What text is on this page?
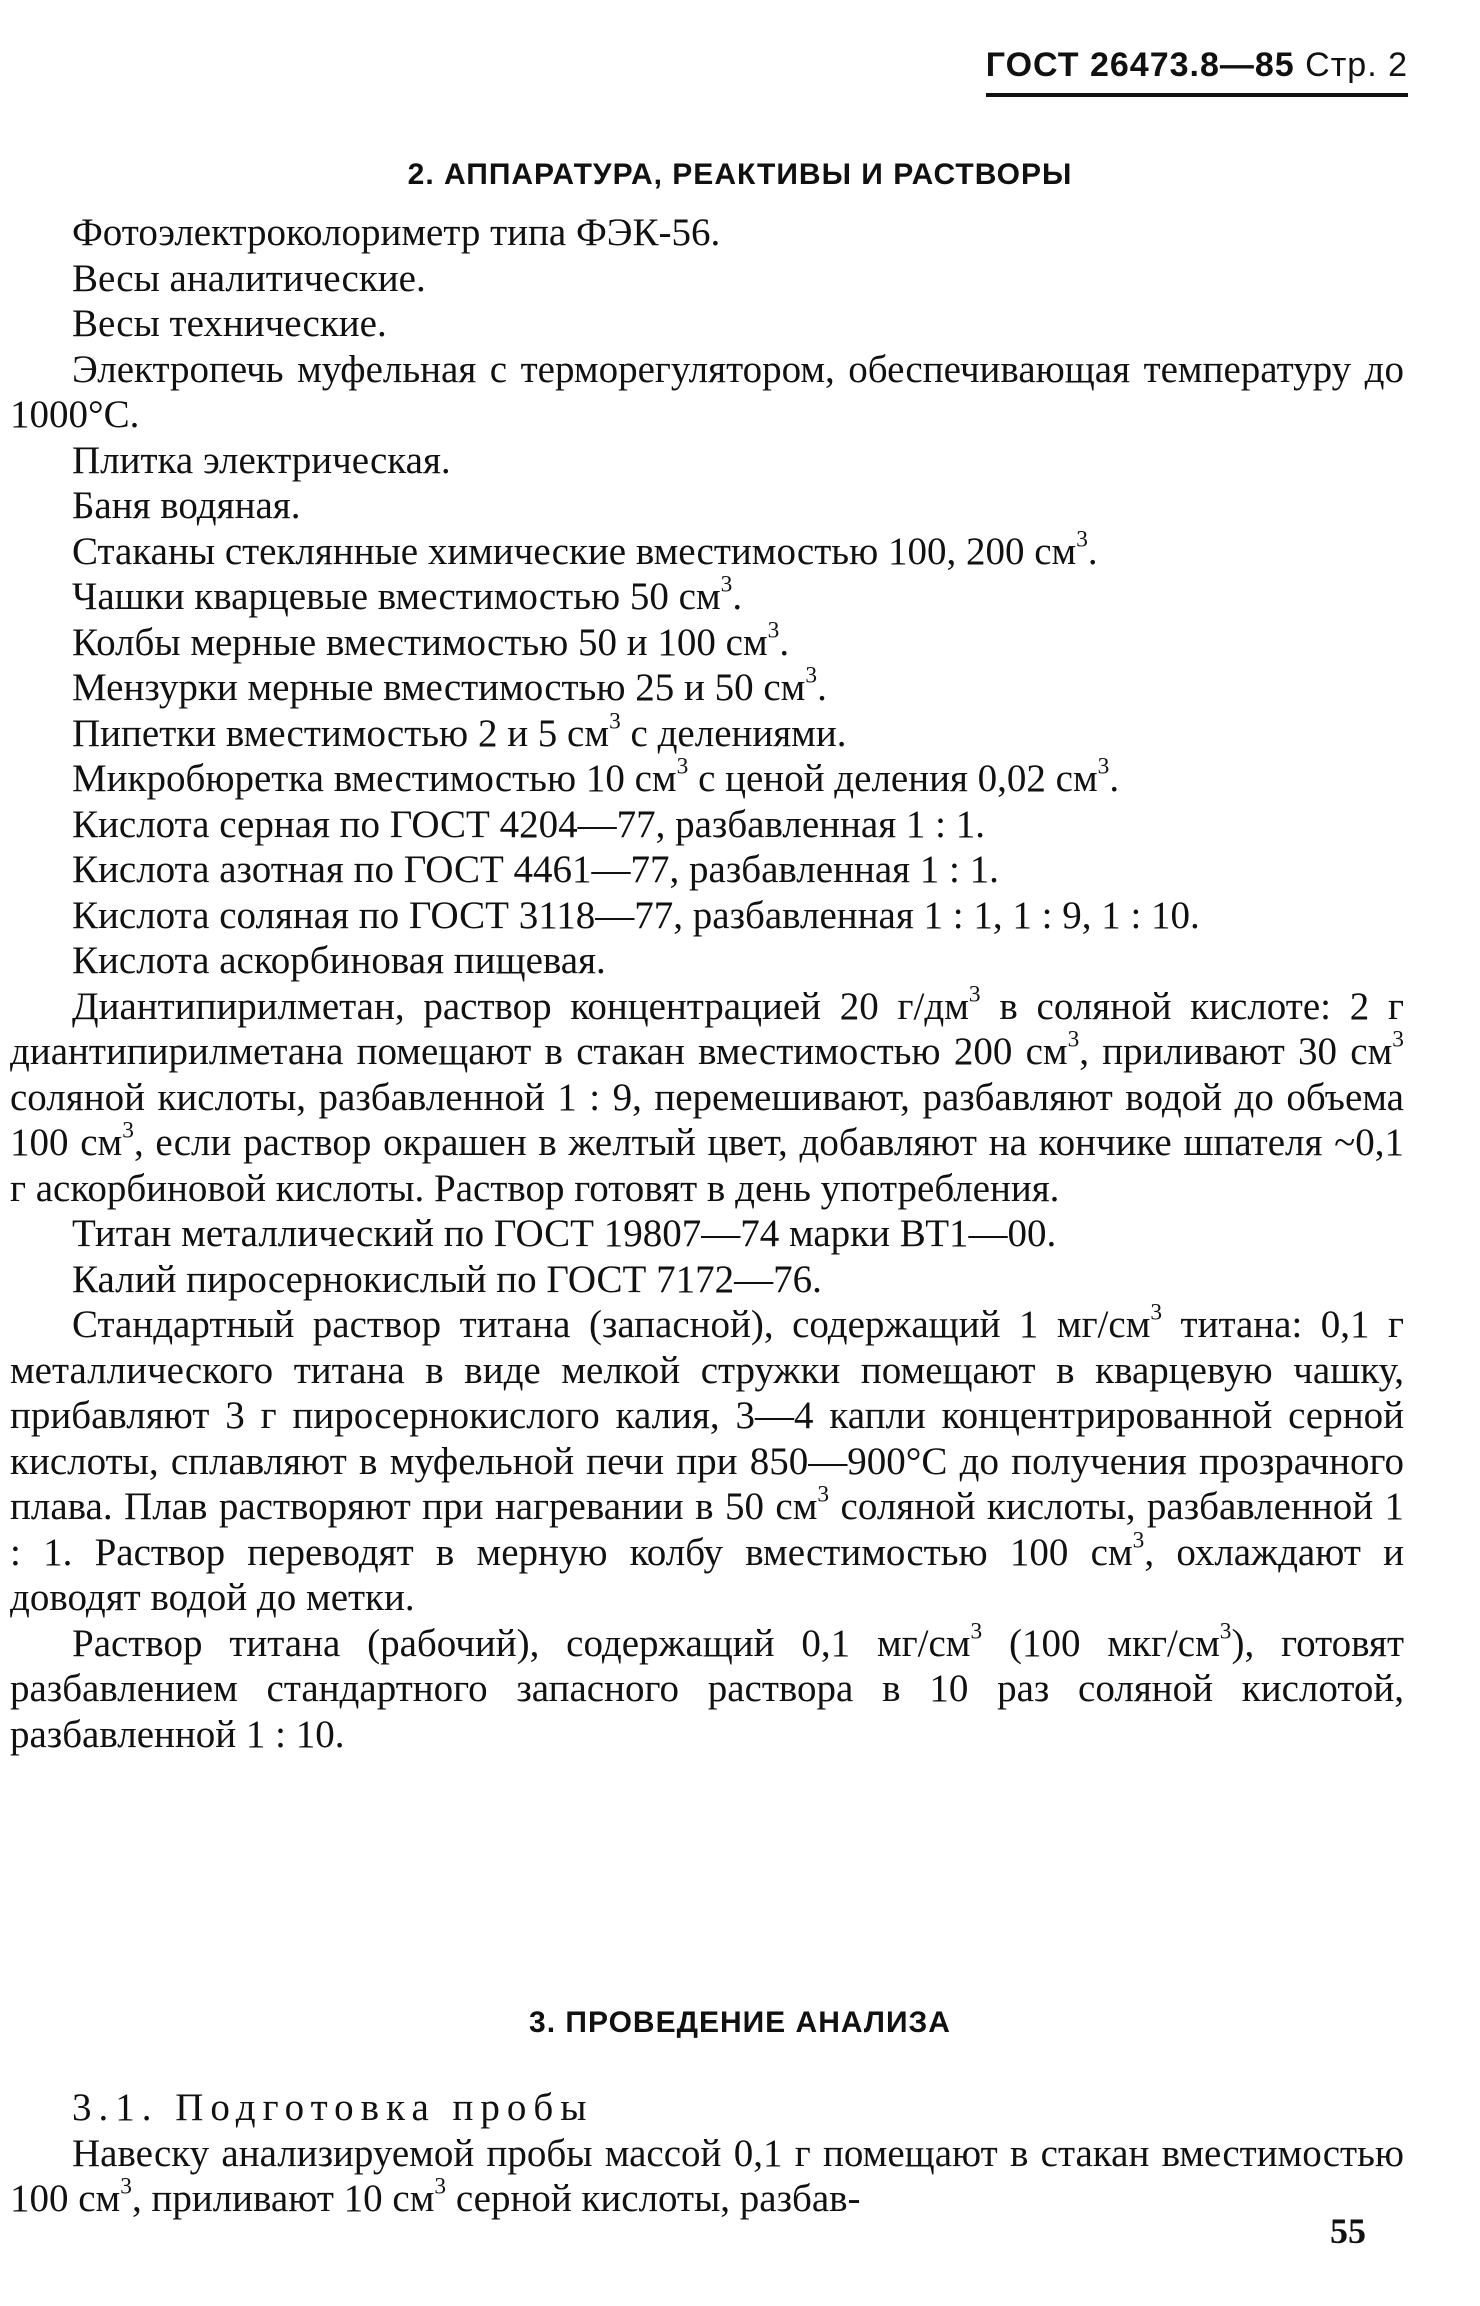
ГОСТ 26473.8—85 Стр. 2
2. АППАРАТУРА, РЕАКТИВЫ И РАСТВОРЫ

Фотоэлектроколориметр типа ФЭК-56.

Весы аналитические.

Весы технические.

Электропечь муфельная с терморегулятором, обеспечивающая температуру до 1000°С.

Плитка электрическая.

Баня водяная.

Стаканы стеклянные химические вместимостью 100, 200 $см^3$.

Чашки кварцевые вместимостью 50 $см^3$.

Колбы мерные вместимостью 50 и 100 $см^3$.

Мензурки мерные вместимостью 25 и 50 $см^3$.

Пипетки вместимостью 2 и 5 $см^3$ с делениями.

Микробюретка вместимостью 10 $см^3$ с ценой деления 0,02 $см^3$.

Кислота серная по ГОСТ 4204—77, разбавленная 1 : 1.

Кислота азотная по ГОСТ 4461—77, разбавленная 1 : 1.

Кислота соляная по ГОСТ 3118—77, разбавленная 1 : 1, 1 : 9, 1 : 10.

Кислота аскорбиновая пищевая.

Диантипирилметан, раствор концентрацией 20 $г/дм^3$ в соляной кислоте: 2 г диантипирилметана помещают в стакан вместимостью 200 $см^3$, приливают 30 $см^3$ соляной кислоты, разбавленной 1 : 9, перемешивают, разбавляют водой до объема 100 $см^3$, если раствор окрашен в желтый цвет, добавляют на кончике шпателя ~0,1 г аскорбиновой кислоты. Раствор готовят в день употребления.

Титан металлический по ГОСТ 19807—74 марки ВТ1—00.

Калий пиросернокислый по ГОСТ 7172—76.

Стандартный раствор титана (запасной), содержащий 1 $мг/см^3$ титана: 0,1 г металлического титана в виде мелкой стружки помещают в кварцевую чашку, прибавляют 3 г пиросернокислого калия, 3—4 капли концентрированной серной кислоты, сплавляют в муфельной печи при 850—900°С до получения прозрачного плава. Плав растворяют при нагревании в 50 $см^3$ соляной кислоты, разбавленной 1 : 1. Раствор переводят в мерную колбу вместимостью 100 $см^3$, охлаждают и доводят водой до метки.

Раствор титана (рабочий), содержащий 0,1 $мг/см^3$ (100 мкг/$см^3$), готовят разбавлением стандартного запасного раствора в 10 раз соляной кислотой, разбавленной 1 : 10.

3. ПРОВЕДЕНИЕ АНАЛИЗА

3.1. Подготовка пробы

Навеску анализируемой пробы массой 0,1 г помещают в стакан вместимостью 100 $см^3$, приливают 10 $см^3$ серной кислоты, разбав-

55
